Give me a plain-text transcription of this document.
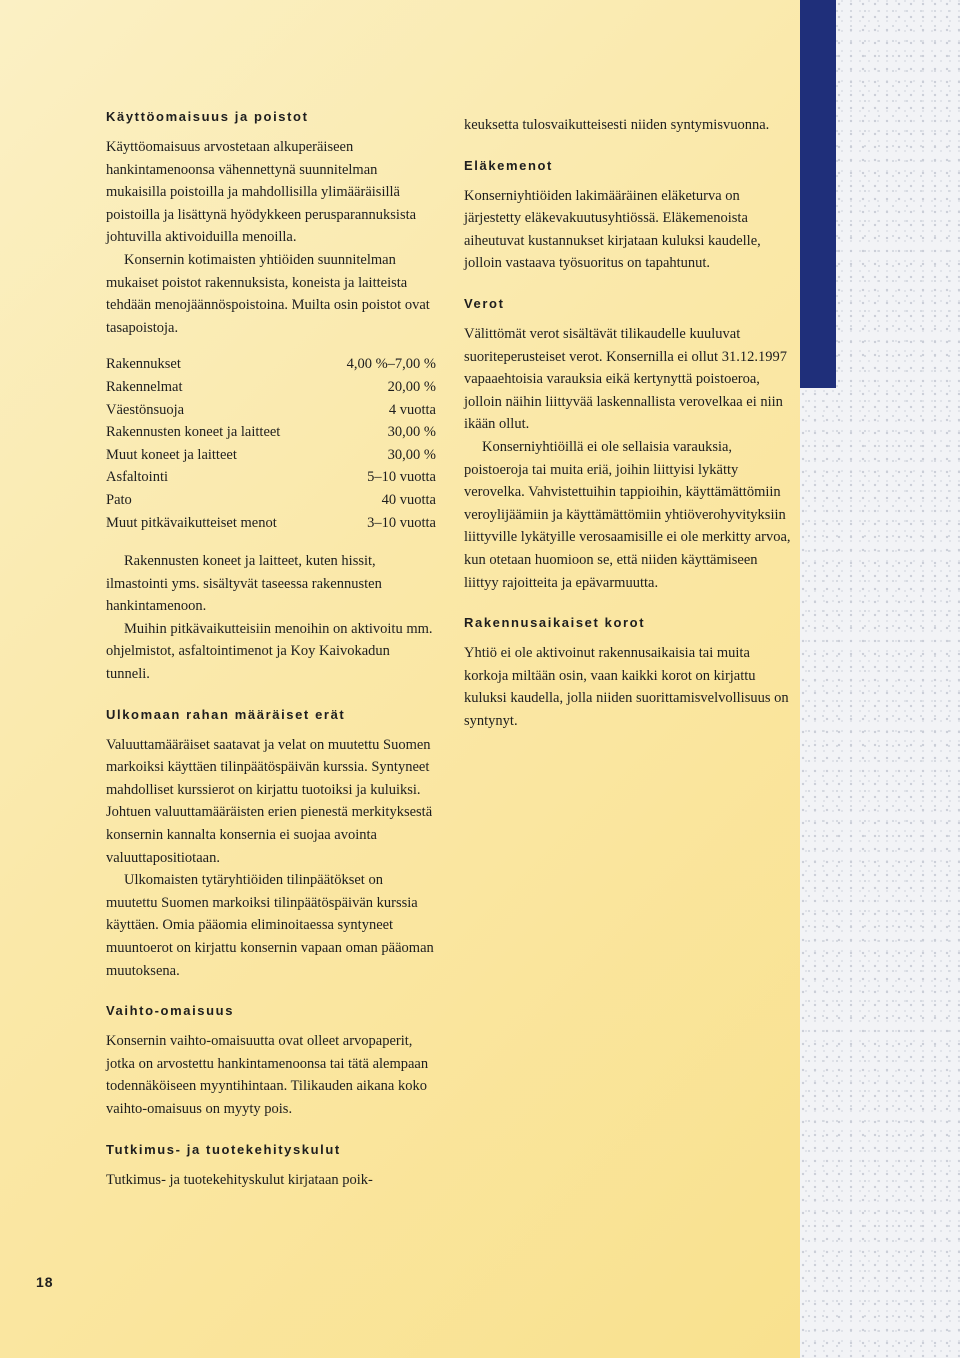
Käyttöomaisuus ja poistot

Käyttöomaisuus arvostetaan alkuperäiseen hankintamenoonsa vähennettynä suunnitelman mukaisilla poistoilla ja mahdollisilla ylimääräisillä poistoilla ja lisättynä hyödykkeen perusparannuksista johtuvilla aktivoiduilla menoilla.

Konsernin kotimaisten yhtiöiden suunnitelman mukaiset poistot rakennuksista, koneista ja laitteista tehdään menojäännöspoistoina. Muilta osin poistot ovat tasapoistoja.

Rakennukset	4,00 %–7,00 %
Rakennelmat	20,00 %
Väestönsuoja	4 vuotta
Rakennusten koneet ja laitteet	30,00 %
Muut koneet ja laitteet	30,00 %
Asfaltointi	5–10 vuotta
Pato	40 vuotta
Muut pitkävaikutteiset menot	3–10 vuotta

Rakennusten koneet ja laitteet, kuten hissit, ilmastointi yms. sisältyvät taseessa rakennusten hankintamenoon.

Muihin pitkävaikutteisiin menoihin on aktivoitu mm. ohjelmistot, asfaltointimenot ja Koy Kaivokadun tunneli.

Ulkomaan rahan määräiset erät

Valuuttamääräiset saatavat ja velat on muutettu Suomen markoiksi käyttäen tilinpäätöspäivän kurssia. Syntyneet mahdolliset kurssierot on kirjattu tuotoiksi ja kuluiksi. Johtuen valuuttamääräisten erien pienestä merkityksestä konsernin kannalta konsernia ei suojaa avointa valuuttapositiotaan.

Ulkomaisten tytäryhtiöiden tilinpäätökset on muutettu Suomen markoiksi tilinpäätöspäivän kurssia käyttäen. Omia pääomia eliminoitaessa syntyneet muuntoerot on kirjattu konsernin vapaan oman pääoman muutoksena.

Vaihto-omaisuus

Konsernin vaihto-omaisuutta ovat olleet arvopaperit, jotka on arvostettu hankintamenoonsa tai tätä alempaan todennäköiseen myyntihintaan. Tilikauden aikana koko vaihto-omaisuus on myyty pois.

Tutkimus- ja tuotekehityskulut

Tutkimus- ja tuotekehityskulut kirjataan poik-

keuksetta tulosvaikutteisesti niiden syntymisvuonna.

Eläkemenot

Konserniyhtiöiden lakimääräinen eläketurva on järjestetty eläkevakuutusyhtiössä. Eläkemenoista aiheutuvat kustannukset kirjataan kuluksi kaudelle, jolloin vastaava työsuoritus on tapahtunut.

Verot

Välittömät verot sisältävät tilikaudelle kuuluvat suoriteperusteiset verot. Konsernilla ei ollut 31.12.1997 vapaaehtoisia varauksia eikä kertynyttä poistoeroa, jolloin näihin liittyvää laskennallista verovelkaa ei niin ikään ollut.

Konserniyhtiöillä ei ole sellaisia varauksia, poistoeroja tai muita eriä, joihin liittyisi lykätty verovelka. Vahvistettuihin tappioihin, käyttämättömiin veroylijäämiin ja käyttämättömiin yhtiöverohyvityksiin liittyville lykätyille verosaamisille ei ole merkitty arvoa, kun otetaan huomioon se, että niiden käyttämiseen liittyy rajoitteita ja epävarmuutta.

Rakennusaikaiset korot

Yhtiö ei ole aktivoinut rakennusaikaisia tai muita korkoja miltään osin, vaan kaikki korot on kirjattu kuluksi kaudella, jolla niiden suorittamisvelvollisuus on syntynyt.

18
